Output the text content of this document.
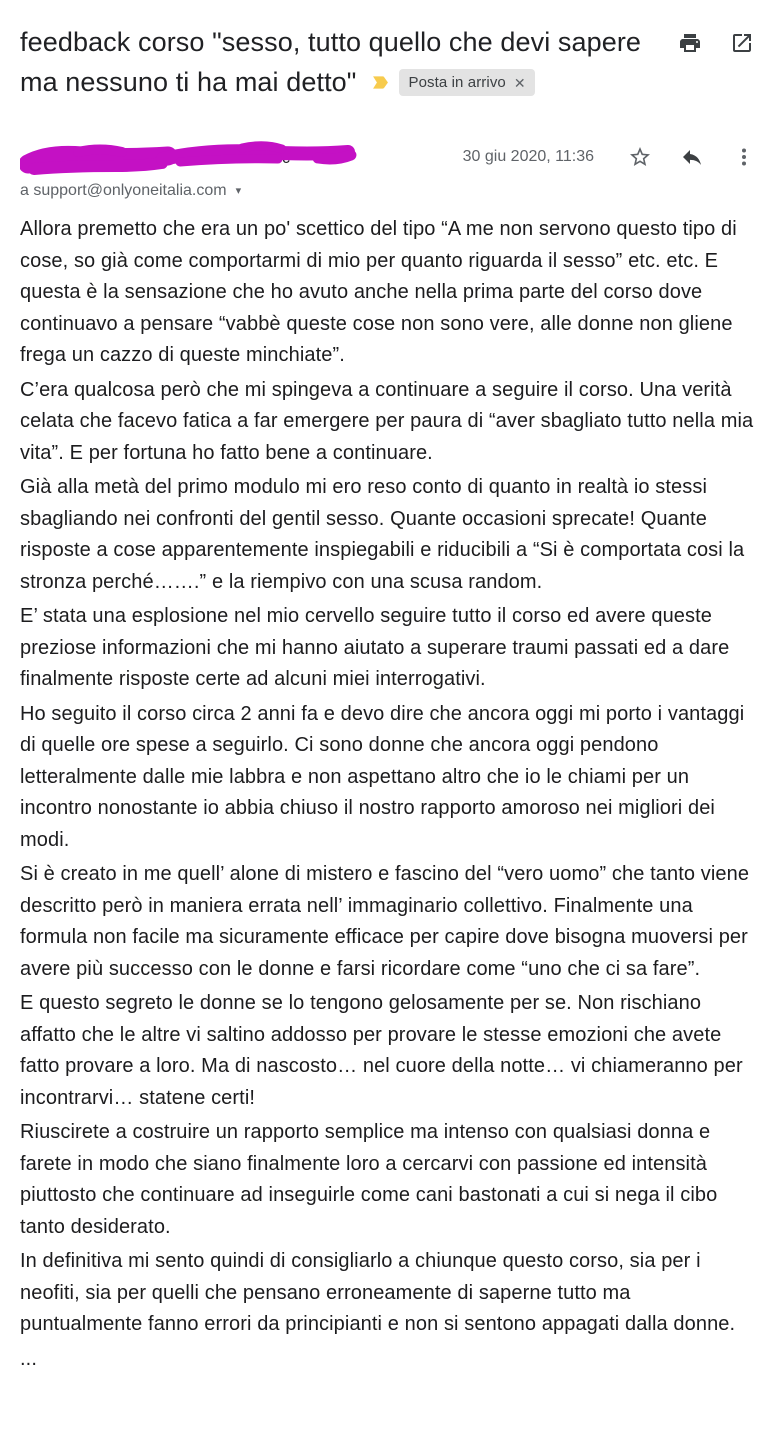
feedback corso "sesso, tutto quello che devi sapere ma nessuno ti ha mai detto"	Posta in arrivo ✕
c	>	30 giu 2020, 11:36
a support@onlyoneitalia.com ▾

Allora premetto che era un po' scettico del tipo “A me non servono questo tipo di cose, so già come comportarmi di mio per quanto riguarda il sesso” etc. etc. E questa è la sensazione che ho avuto anche nella prima parte del corso dove continuavo a pensare “vabbè queste cose non sono vere, alle donne non gliene frega un cazzo di queste minchiate”.

C’era qualcosa però che mi spingeva a continuare a seguire il corso. Una verità celata che facevo fatica a far emergere per paura di “aver sbagliato tutto nella mia vita”. E per fortuna ho fatto bene a continuare.

Già alla metà del primo modulo mi ero reso conto di quanto in realtà io stessi sbagliando nei confronti del gentil sesso. Quante occasioni sprecate! Quante risposte a cose apparentemente inspiegabili e riducibili a “Si è comportata cosi la stronza perché…….” e la riempivo con una scusa random.

E’ stata una esplosione nel mio cervello seguire tutto il corso ed avere queste preziose informazioni che mi hanno aiutato a superare traumi passati ed a dare finalmente risposte certe ad alcuni miei interrogativi.

Ho seguito il corso circa 2 anni fa e devo dire che ancora oggi mi porto i vantaggi di quelle ore spese a seguirlo. Ci sono donne che ancora oggi pendono letteralmente dalle mie labbra e non aspettano altro che io le chiami per un incontro nonostante io abbia chiuso il nostro rapporto amoroso nei migliori dei modi.

Si è creato in me quell’ alone di mistero e fascino del “vero uomo” che tanto viene descritto però in maniera errata nell’ immaginario collettivo. Finalmente una formula non facile ma sicuramente efficace per capire dove bisogna muoversi per avere più successo con le donne e farsi ricordare come “uno che ci sa fare”.

E questo segreto le donne se lo tengono gelosamente per se. Non rischiano affatto che le altre vi saltino addosso per provare le stesse emozioni che avete fatto provare a loro. Ma di nascosto… nel cuore della notte… vi chiameranno per incontrarvi… statene certi!

Riuscirete a costruire un rapporto semplice ma intenso con qualsiasi donna e farete in modo che siano finalmente loro a cercarvi con passione ed intensità piuttosto che continuare ad inseguirle come cani bastonati a cui si nega il cibo tanto desiderato.

In definitiva mi sento quindi di consigliarlo a chiunque questo corso, sia per i neofiti, sia per quelli che pensano erroneamente di saperne tutto ma puntualmente fanno errori da principianti e non si sentono appagati dalla donne.

...
